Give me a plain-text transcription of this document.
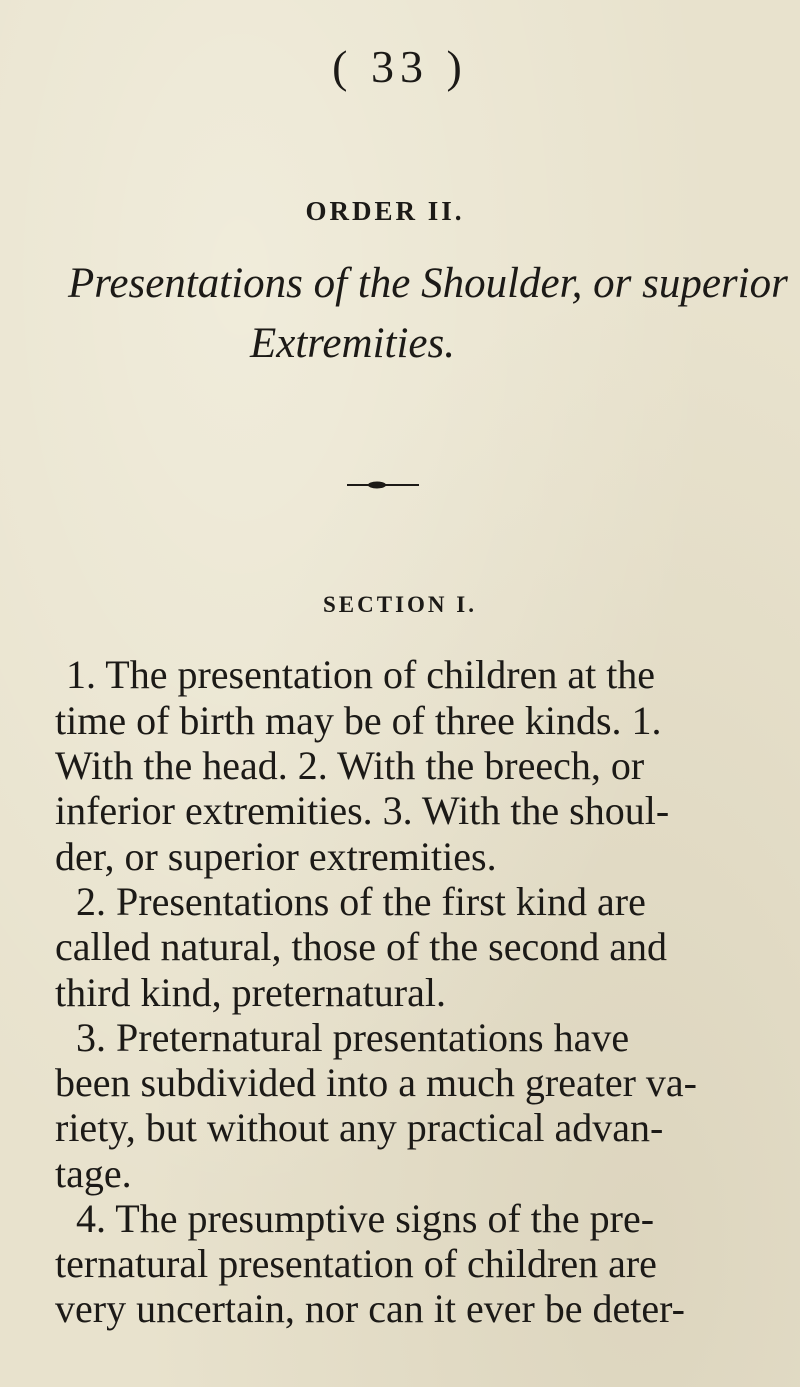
( 33 )
ORDER II.
Presentations of the Shoulder, or superior
Extremities.
SECTION I.
1. The presentation of children at the
time of birth may be of three kinds. 1.
With the head. 2. With the breech, or
inferior extremities. 3. With the shoul-
der, or superior extremities.
2. Presentations of the first kind are
called natural, those of the second and
third kind, preternatural.
3. Preternatural presentations have
been subdivided into a much greater va-
riety, but without any practical advan-
tage.
4. The presumptive signs of the pre-
ternatural presentation of children are
very uncertain, nor can it ever be deter-
